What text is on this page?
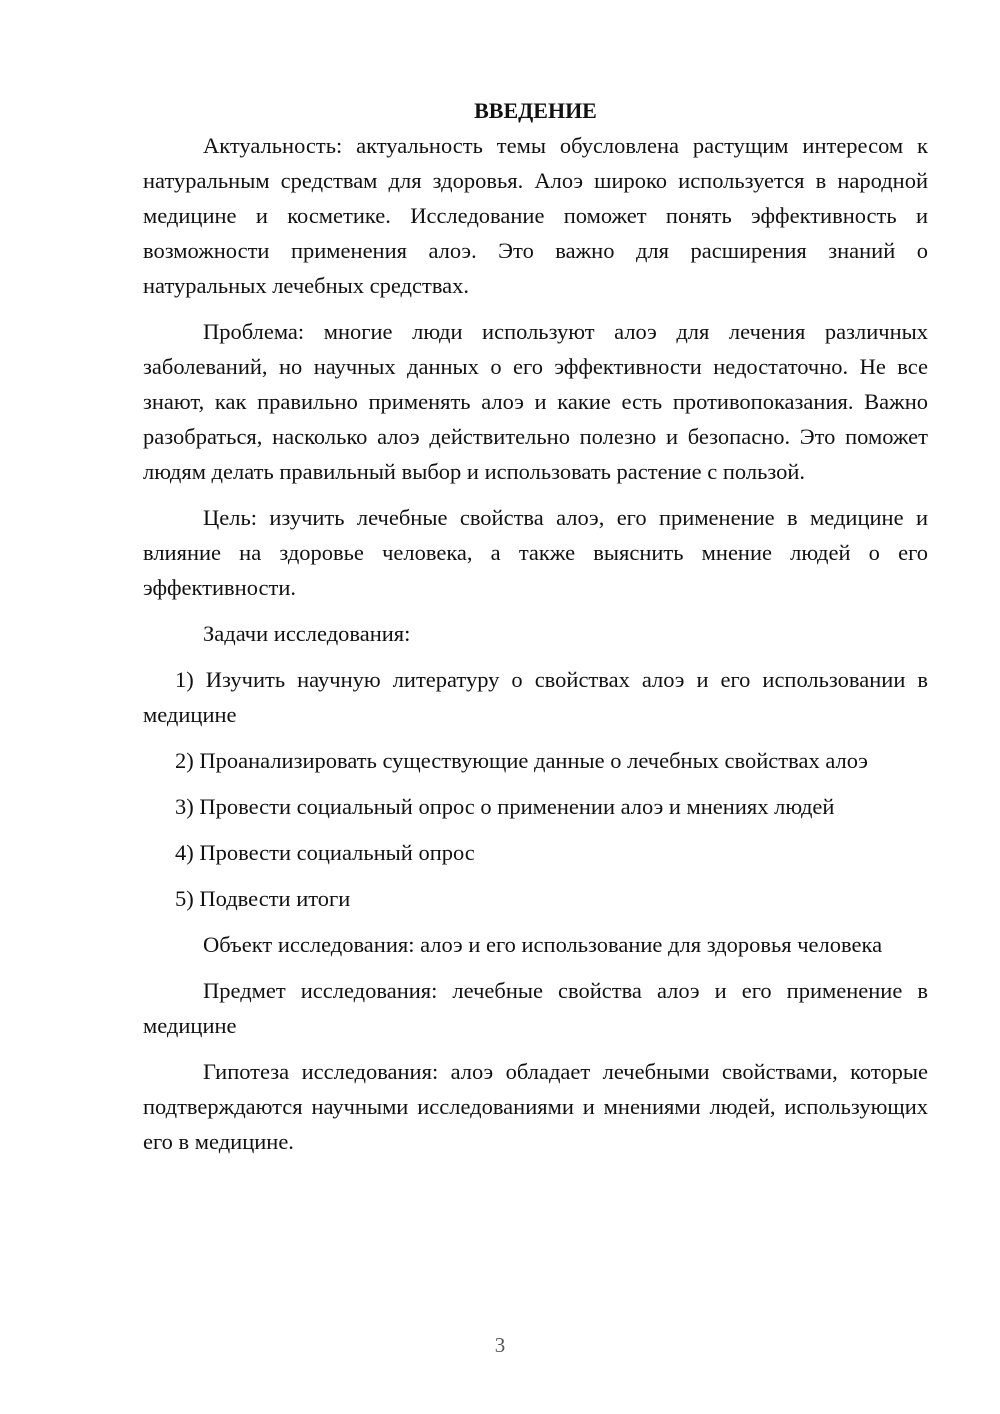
ВВЕДЕНИЕ

Актуальность: актуальность темы обусловлена растущим интересом к натуральным средствам для здоровья. Алоэ широко используется в народной медицине и косметике. Исследование поможет понять эффективность и возможности применения алоэ. Это важно для расширения знаний о натуральных лечебных средствах.

Проблема: многие люди используют алоэ для лечения различных заболеваний, но научных данных о его эффективности недостаточно. Не все знают, как правильно применять алоэ и какие есть противопоказания. Важно разобраться, насколько алоэ действительно полезно и безопасно. Это поможет людям делать правильный выбор и использовать растение с пользой.

Цель: изучить лечебные свойства алоэ, его применение в медицине и влияние на здоровье человека, а также выяснить мнение людей о его эффективности.

Задачи исследования:

1) Изучить научную литературу о свойствах алоэ и его использовании в медицине

2) Проанализировать существующие данные о лечебных свойствах алоэ

3) Провести социальный опрос о применении алоэ и мнениях людей

4) Провести социальный опрос

5) Подвести итоги

Объект исследования: алоэ и его использование для здоровья человека

Предмет исследования: лечебные свойства алоэ и его применение в медицине

Гипотеза исследования: алоэ обладает лечебными свойствами, которые подтверждаются научными исследованиями и мнениями людей, использующих его в медицине.

3
